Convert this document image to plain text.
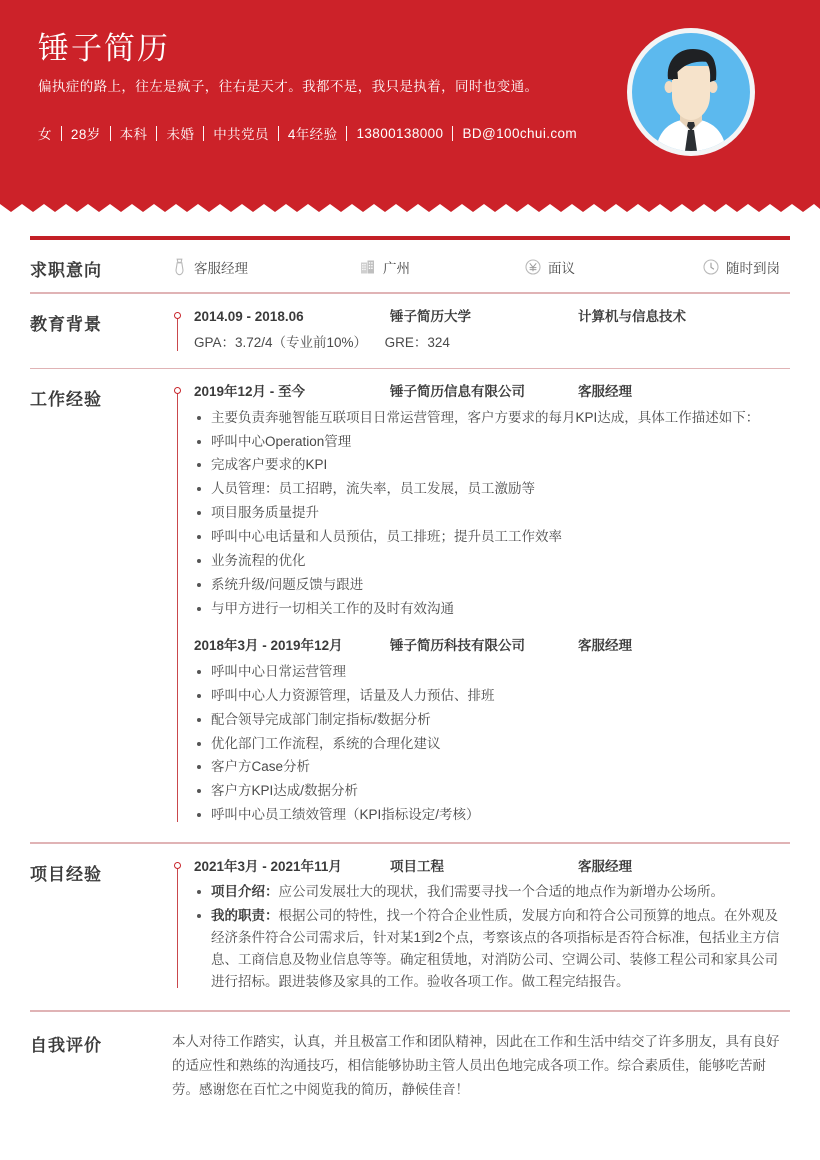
锤子简历
偏执症的路上，往左是疯子，往右是天才。我都不是，我只是执着，同时也变通。
女 28岁 本科 未婚 中共党员 4年经验 13800138000 BD@100chui.com
求职意向	客服经理	广州	面议	随时到岗
教育背景	2014.09 - 2018.06	锤子简历大学	计算机与信息技术
GPA：3.72/4（专业前10%） GRE：324
工作经验	2019年12月 - 至今	锤子简历信息有限公司	客服经理
主要负责奔驰智能互联项目日常运营管理，客户方要求的每月KPI达成，具体工作描述如下：
呼叫中心Operation管理
完成客户要求的KPI
人员管理：员工招聘，流失率，员工发展，员工激励等
项目服务质量提升
呼叫中心电话量和人员预估，员工排班；提升员工工作效率
业务流程的优化
系统升级/问题反馈与跟进
与甲方进行一切相关工作的及时有效沟通
2018年3月 - 2019年12月	锤子简历科技有限公司	客服经理
呼叫中心日常运营管理
呼叫中心人力资源管理，话量及人力预估、排班
配合领导完成部门制定指标/数据分析
优化部门工作流程，系统的合理化建议
客户方Case分析
客户方KPI达成/数据分析
呼叫中心员工绩效管理（KPI指标设定/考核）
项目经验	2021年3月 - 2021年11月	项目工程	客服经理
项目介绍：应公司发展壮大的现状，我们需要寻找一个合适的地点作为新增办公场所。
我的职责：根据公司的特性，找一个符合企业性质，发展方向和符合公司预算的地点。在外观及经济条件符合公司需求后，针对某1到2个点，考察该点的各项指标是否符合标准，包括业主方信息、工商信息及物业信息等等。确定租赁地，对消防公司、空调公司、装修工程公司和家具公司进行招标。跟进装修及家具的工作。验收各项工作。做工程完结报告。
自我评价	本人对待工作踏实，认真，并且极富工作和团队精神，因此在工作和生活中结交了许多朋友，具有良好的适应性和熟练的沟通技巧，相信能够协助主管人员出色地完成各项工作。综合素质佳，能够吃苦耐劳。感谢您在百忙之中阅览我的简历，静候佳音！
